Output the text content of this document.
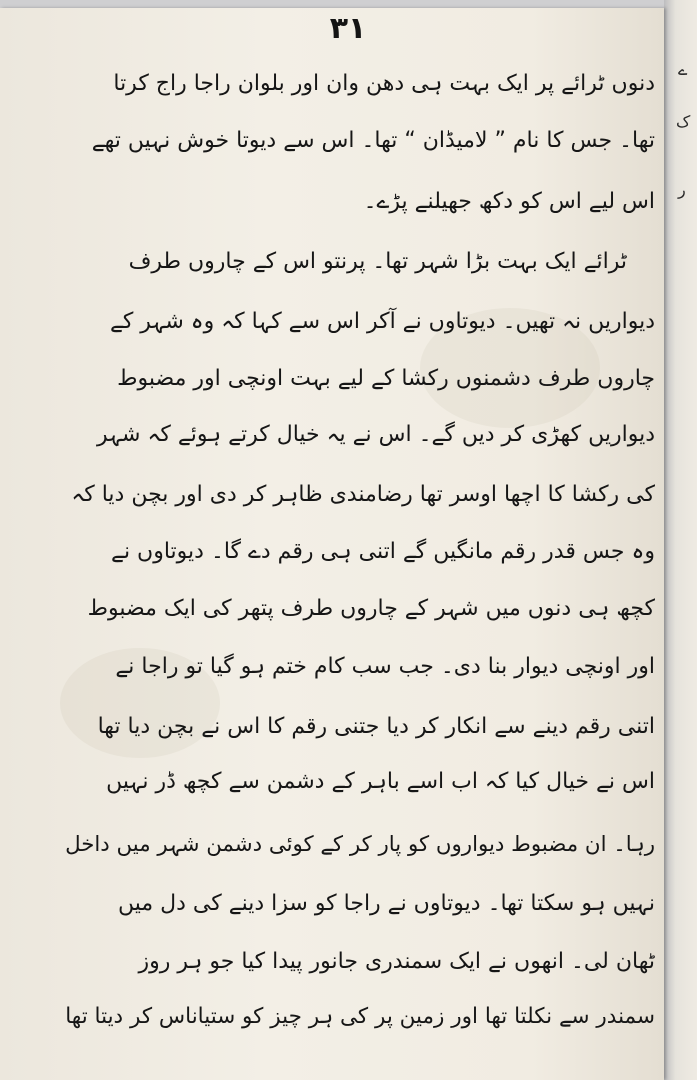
ے
ک
ر
۳۱
دنوں ٹرائے پر ایک بہت ہی دھن وان اور بلوان راجا راج کرتا
تھا۔ جس کا نام ” لامیڈان “ تھا۔ اس سے دیوتا خوش نہیں تھے
اس لیے اس کو دکھ جھیلنے پڑے۔
ٹرائے ایک بہت بڑا شہر تھا۔ پرنتو اس کے چاروں طرف
دیواریں نہ تھیں۔ دیوتاوں نے آکر اس سے کہا کہ وہ شہر کے
چاروں طرف دشمنوں رکشا کے لیے بہت اونچی اور مضبوط
دیواریں کھڑی کر دیں گے۔ اس نے یہ خیال کرتے ہوئے کہ شہر
کی رکشا کا اچھا اوسر تھا رضامندی ظاہر کر دی اور بچن دیا کہ
وہ جس قدر رقم مانگیں گے اتنی ہی رقم دے گا۔ دیوتاوں نے
کچھ ہی دنوں میں شہر کے چاروں طرف پتھر کی ایک مضبوط
اور اونچی دیوار بنا دی۔ جب سب کام ختم ہو گیا تو راجا نے
اتنی رقم دینے سے انکار کر دیا جتنی رقم کا اس نے بچن دیا تھا
اس نے خیال کیا کہ اب اسے باہر کے دشمن سے کچھ ڈر نہیں
رہا۔ ان مضبوط دیواروں کو پار کر کے کوئی دشمن شہر میں داخل
نہیں ہو سکتا تھا۔ دیوتاوں نے راجا کو سزا دینے کی دل میں
ٹھان لی۔ انھوں نے ایک سمندری جانور پیدا کیا جو ہر روز
سمندر سے نکلتا تھا اور زمین پر کی ہر چیز کو ستیاناس کر دیتا تھا
